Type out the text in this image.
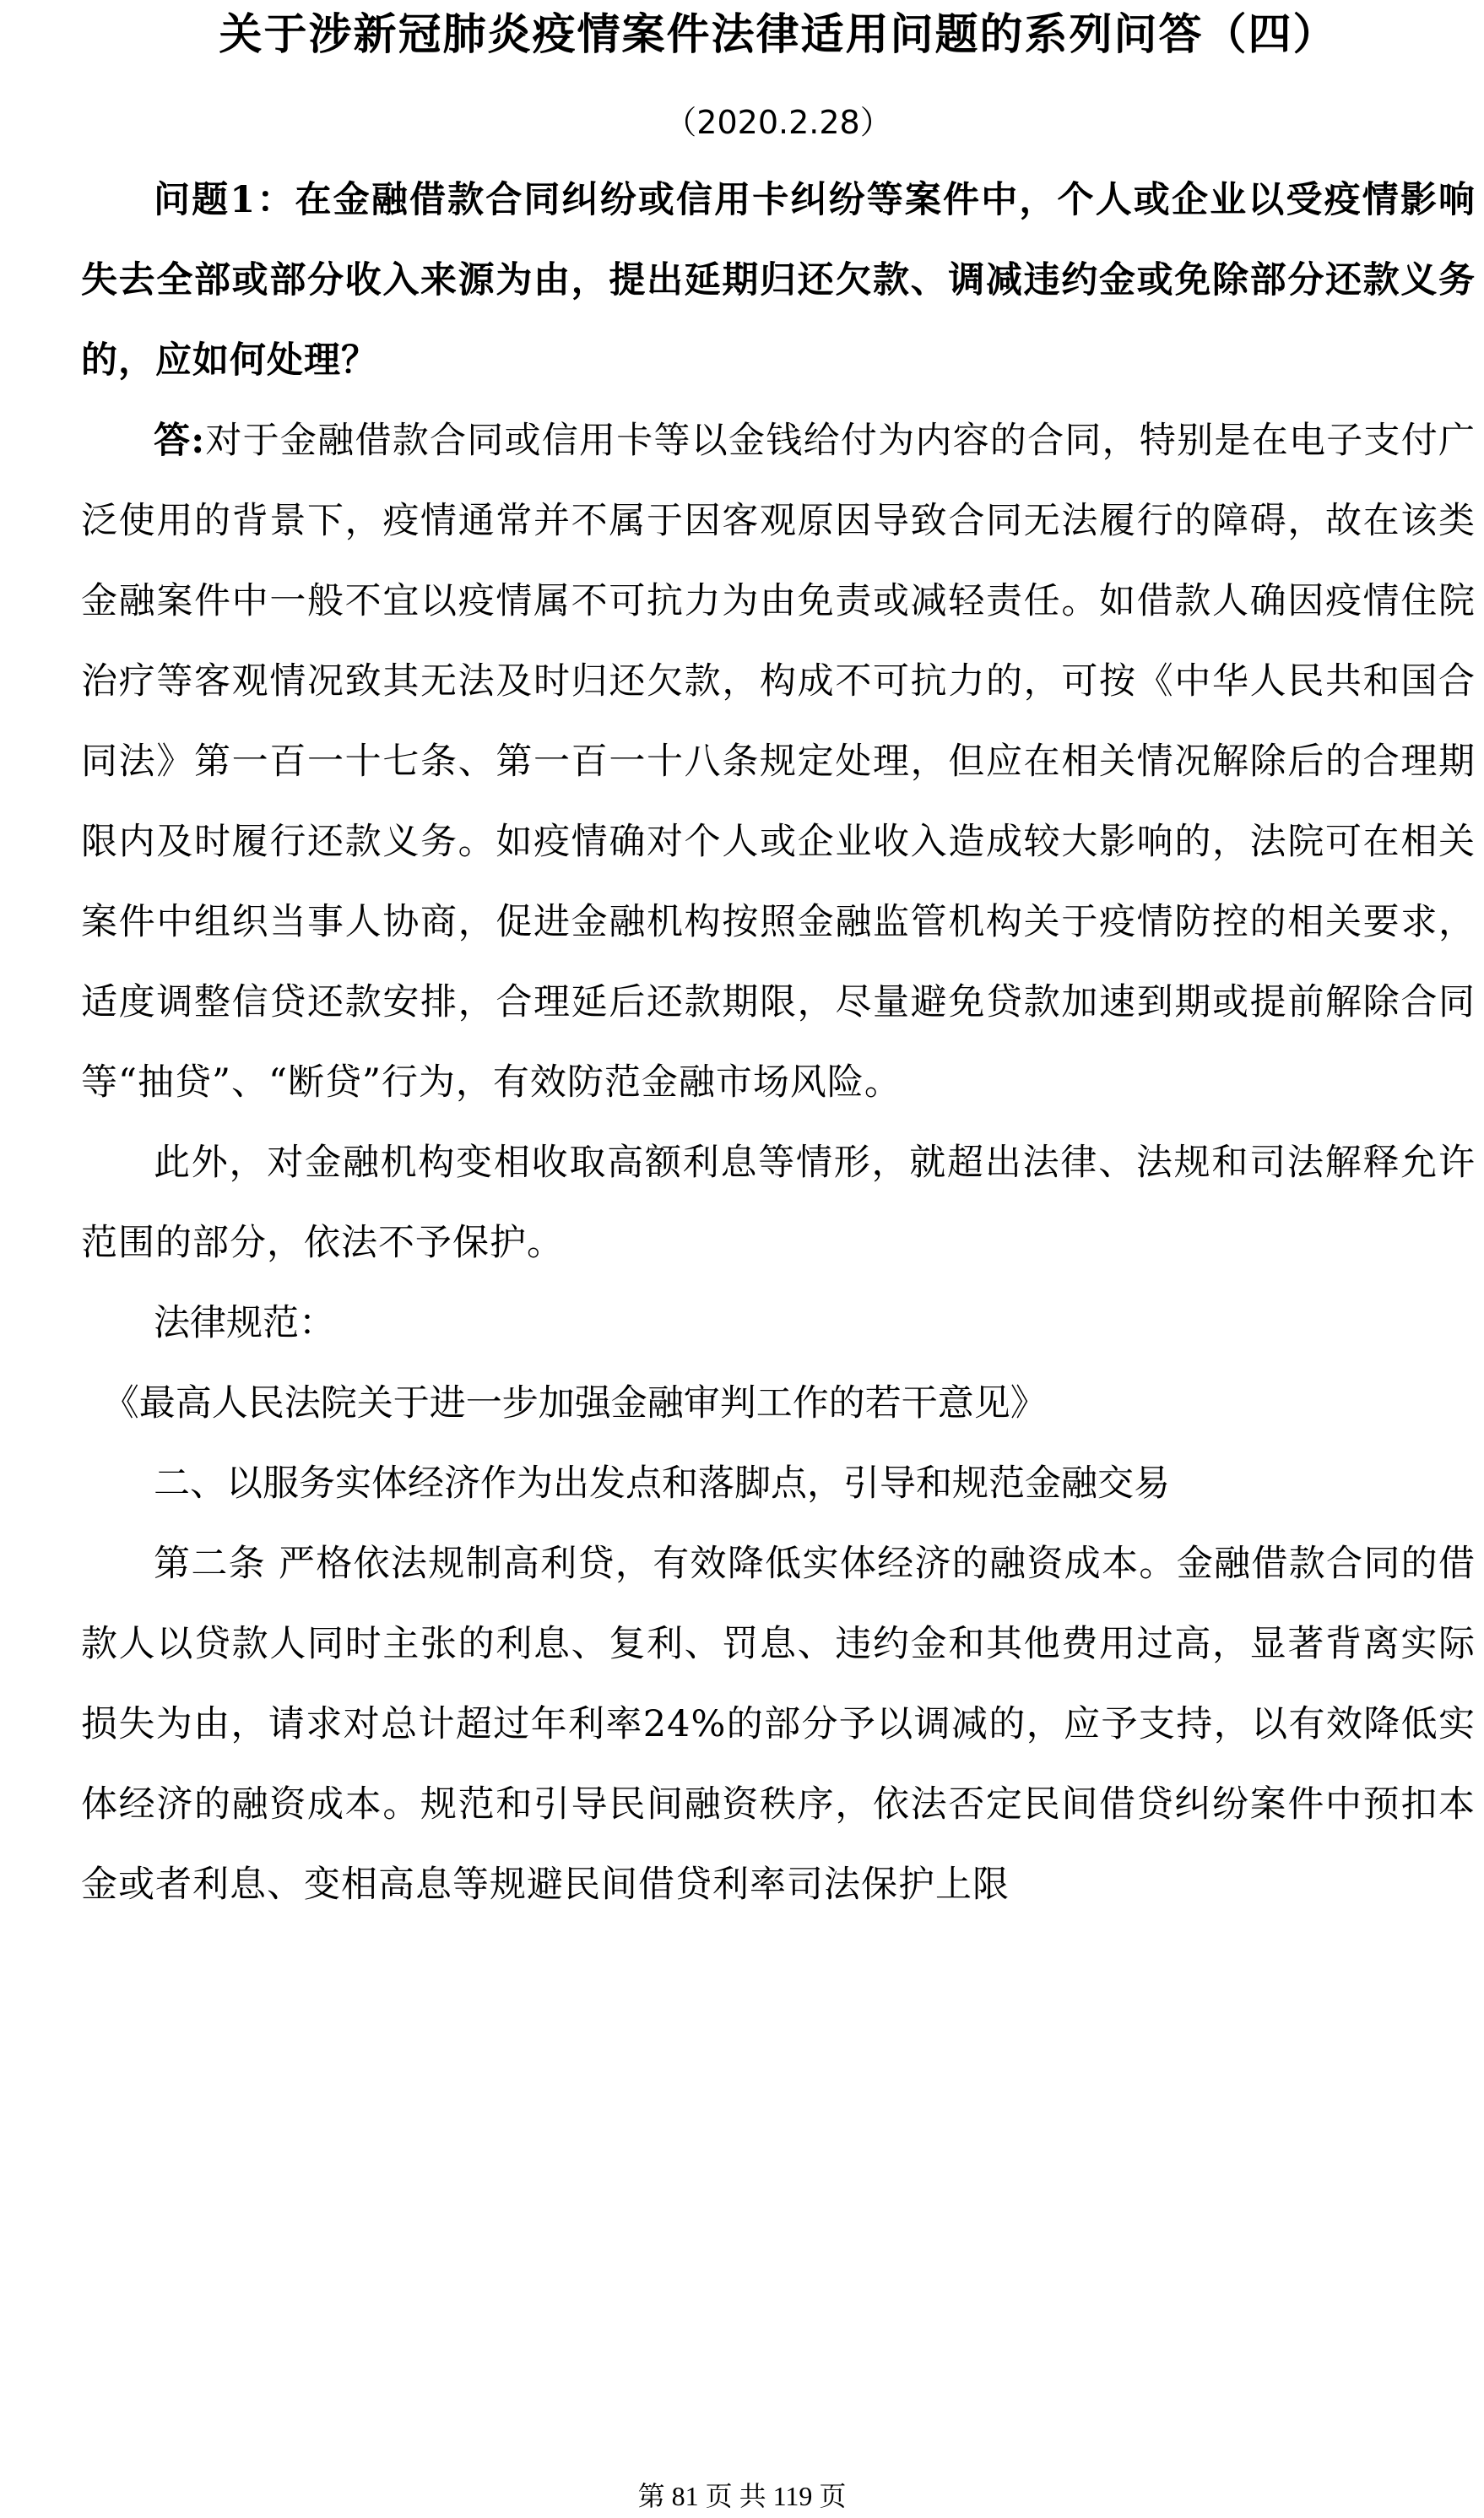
关于涉新冠肺炎疫情案件法律适用问题的系列问答（四）
（2020.2.28）

问题1：在金融借款合同纠纷或信用卡纠纷等案件中，个人或企业以受疫情影响失去全部或部分收入来源为由，提出延期归还欠款、调减违约金或免除部分还款义务的，应如何处理？

答:对于金融借款合同或信用卡等以金钱给付为内容的合同，特别是在电子支付广泛使用的背景下，疫情通常并不属于因客观原因导致合同无法履行的障碍，故在该类金融案件中一般不宜以疫情属不可抗力为由免责或减轻责任。如借款人确因疫情住院治疗等客观情况致其无法及时归还欠款，构成不可抗力的，可按《中华人民共和国合同法》第一百一十七条、第一百一十八条规定处理，但应在相关情况解除后的合理期限内及时履行还款义务。如疫情确对个人或企业收入造成较大影响的，法院可在相关案件中组织当事人协商，促进金融机构按照金融监管机构关于疫情防控的相关要求，适度调整信贷还款安排，合理延后还款期限，尽量避免贷款加速到期或提前解除合同等“抽贷”、“断贷”行为，有效防范金融市场风险。

此外，对金融机构变相收取高额利息等情形，就超出法律、法规和司法解释允许范围的部分，依法不予保护。

法律规范：

《最高人民法院关于进一步加强金融审判工作的若干意见》

二、以服务实体经济作为出发点和落脚点，引导和规范金融交易

第二条 严格依法规制高利贷，有效降低实体经济的融资成本。金融借款合同的借款人以贷款人同时主张的利息、复利、罚息、违约金和其他费用过高，显著背离实际损失为由，请求对总计超过年利率24%的部分予以调减的，应予支持，以有效降低实体经济的融资成本。规范和引导民间融资秩序，依法否定民间借贷纠纷案件中预扣本金或者利息、变相高息等规避民间借贷利率司法保护上限

第 81 页 共 119 页
